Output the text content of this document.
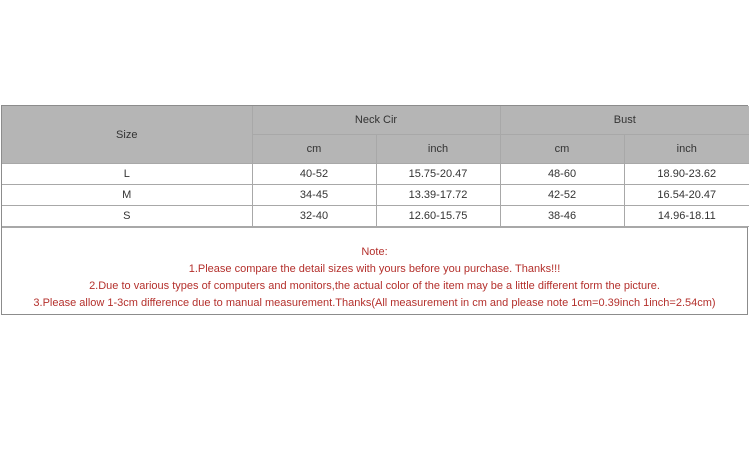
Size	Neck Cir		Bust	
	cm	inch	cm	inch
L	40-52	15.75-20.47	48-60	18.90-23.62
M	34-45	13.39-17.72	42-52	16.54-20.47
S	32-40	12.60-15.75	38-46	14.96-18.11
Note:
1.Please compare the detail sizes with yours before you purchase. Thanks!!!
2.Due to various types of computers and monitors,the actual color of the item may be a little different form the picture.
3.Please allow 1-3cm difference due to manual measurement.Thanks(All measurement in cm and please note 1cm=0.39inch 1inch=2.54cm)
